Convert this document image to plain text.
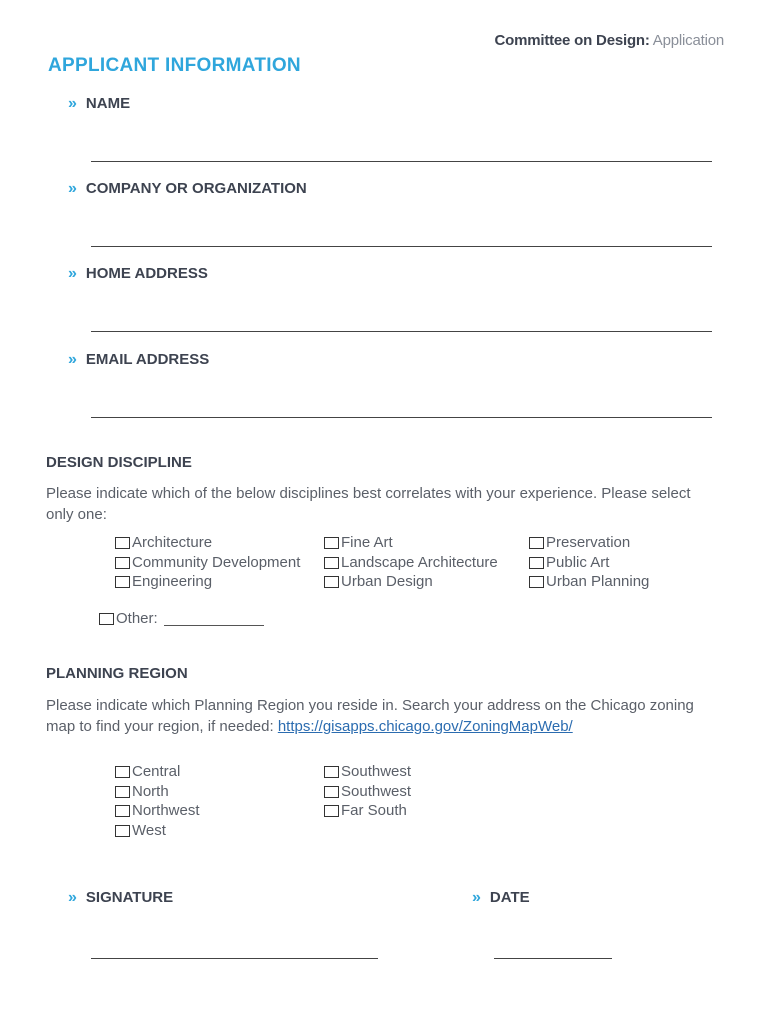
Committee on Design: Application
APPLICANT INFORMATION
» NAME
» COMPANY OR ORGANIZATION
» HOME ADDRESS
» EMAIL ADDRESS
DESIGN DISCIPLINE
Please indicate which of the below disciplines best correlates with your experience. Please select only one:
Architecture
Community Development
Engineering
Fine Art
Landscape Architecture
Urban Design
Preservation
Public Art
Urban Planning
Other:
PLANNING REGION
Please indicate which Planning Region you reside in. Search your address on the Chicago zoning map to find your region, if needed: https://gisapps.chicago.gov/ZoningMapWeb/
Central
North
Northwest
West
Southwest
Southwest
Far South
» SIGNATURE	» DATE
